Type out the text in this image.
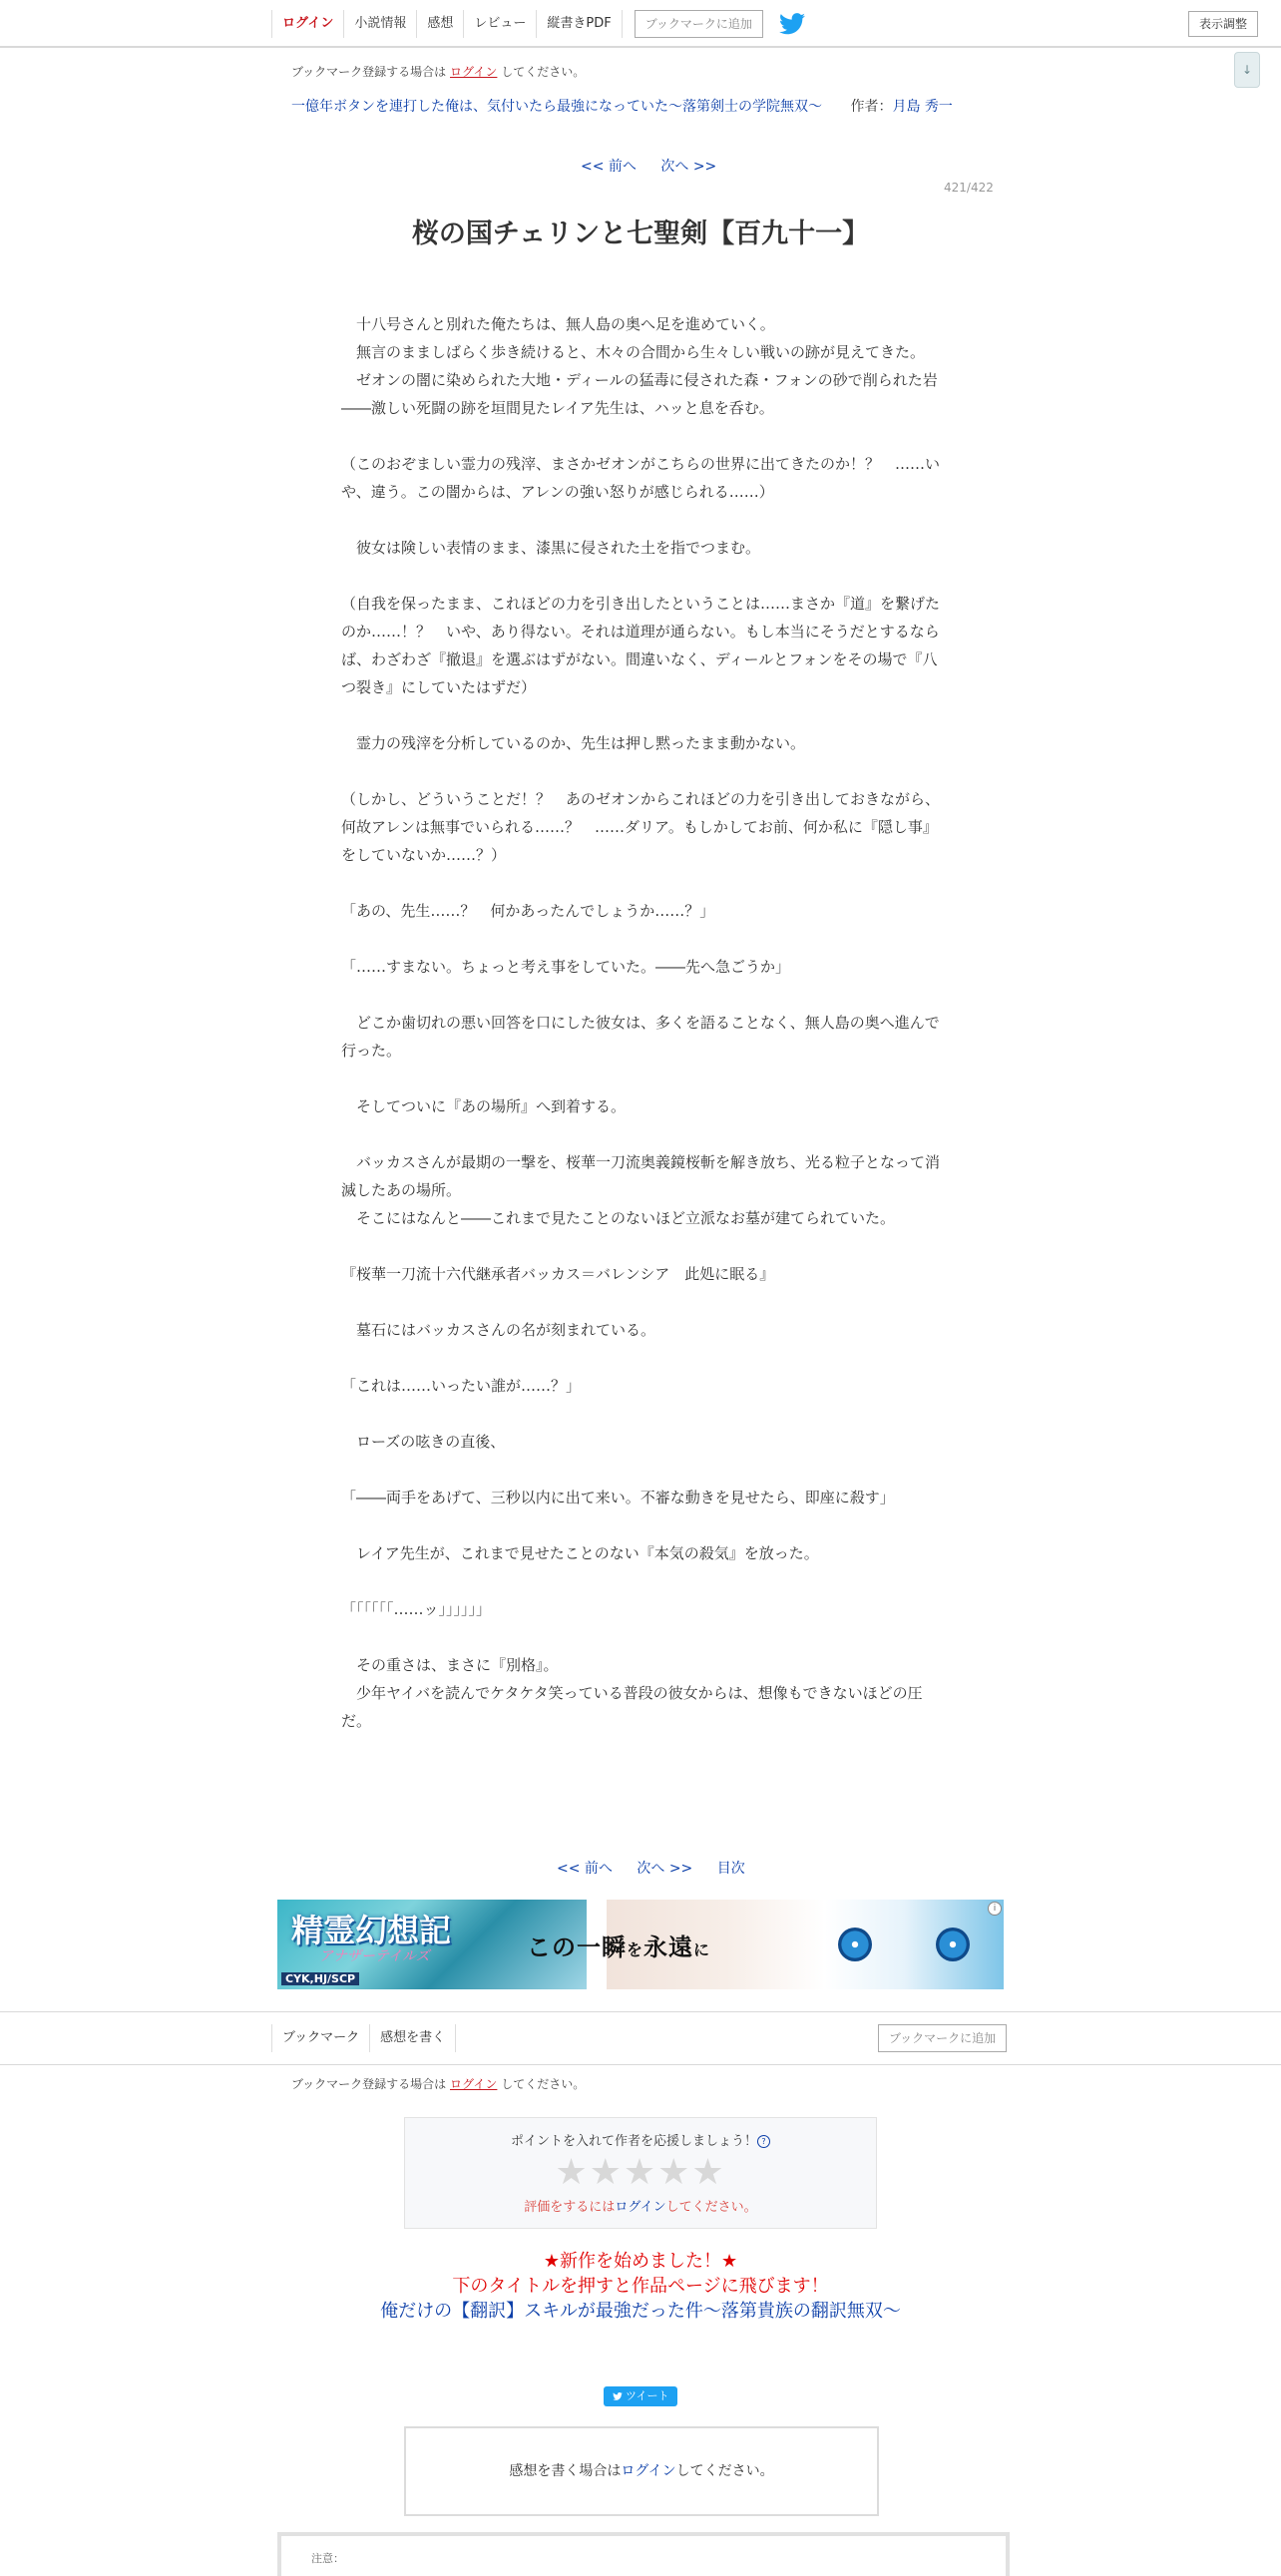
ログイン	小説情報	感想	レビュー	縦書きPDF	ブックマークに追加	表示調整
↓
ブックマーク登録する場合は ログイン してください。
一億年ボタンを連打した俺は、気付いたら最強になっていた～落第剣士の学院無双～ 作者：月島 秀一
<< 前へ 次へ >>
421/422
桜の国チェリンと七聖剣【百九十一】

　十八号さんと別れた俺たちは、無人島の奥へ足を進めていく。

　無言のまましばらく歩き続けると、木々の合間から生々しい戦いの跡が見えてきた。

　ゼオンの闇に染められた大地・ディールの猛毒に侵された森・フォンの砂で削られた岩――激しい死闘の跡を垣間見たレイア先生は、ハッと息を呑む。

（このおぞましい霊力の残滓、まさかゼオンがこちらの世界に出てきたのか！？　……いや、違う。この闇からは、アレンの強い怒りが感じられる……）

　彼女は険しい表情のまま、漆黒に侵された土を指でつまむ。

（自我を保ったまま、これほどの力を引き出したということは……まさか『道』を繋げたのか……！？　いや、あり得ない。それは道理が通らない。もし本当にそうだとするならば、わざわざ『撤退』を選ぶはずがない。間違いなく、ディールとフォンをその場で『八つ裂き』にしていたはずだ）

　霊力の残滓を分析しているのか、先生は押し黙ったまま動かない。

（しかし、どういうことだ！？　あのゼオンからこれほどの力を引き出しておきながら、何故アレンは無事でいられる……？　……ダリア。もしかしてお前、何か私に『隠し事』をしていないか……？）

「あの、先生……？　何かあったんでしょうか……？」

「……すまない。ちょっと考え事をしていた。――先へ急ごうか」

　どこか歯切れの悪い回答を口にした彼女は、多くを語ることなく、無人島の奥へ進んで行った。

　そしてついに『あの場所』へ到着する。

　バッカスさんが最期の一撃を、桜華一刀流奥義鏡桜斬を解き放ち、光る粒子となって消滅したあの場所。

　そこにはなんと――これまで見たことのないほど立派なお墓が建てられていた。

『桜華一刀流十六代継承者バッカス＝バレンシア　此処に眠る』

　墓石にはバッカスさんの名が刻まれている。

「これは……いったい誰が……？」

　ローズの呟きの直後、

「――両手をあげて、三秒以内に出て来い。不審な動きを見せたら、即座に殺す」

　レイア先生が、これまで見せたことのない『本気の殺気』を放った。

「「「「「「……ッ」」」」」」

　その重さは、まさに『別格』。

　少年ヤイバを読んでケタケタ笑っている普段の彼女からは、想像もできないほどの圧だ。

<< 前へ 次へ >> 目次
精霊幻想記
アナザーテイルズ
CYK,HJ/SCP
この一瞬を永遠に
i
ブックマーク	感想を書く	ブックマークに追加
ブックマーク登録する場合は ログイン してください。
ポイントを入れて作者を応援しましょう！ ?
★★★★★
評価をするにはログインしてください。
★新作を始めました！★
下のタイトルを押すと作品ページに飛びます！
俺だけの【翻訳】スキルが最強だった件～落第貴族の翻訳無双～
ツイート
感想を書く場合はログインしてください。
注意：
